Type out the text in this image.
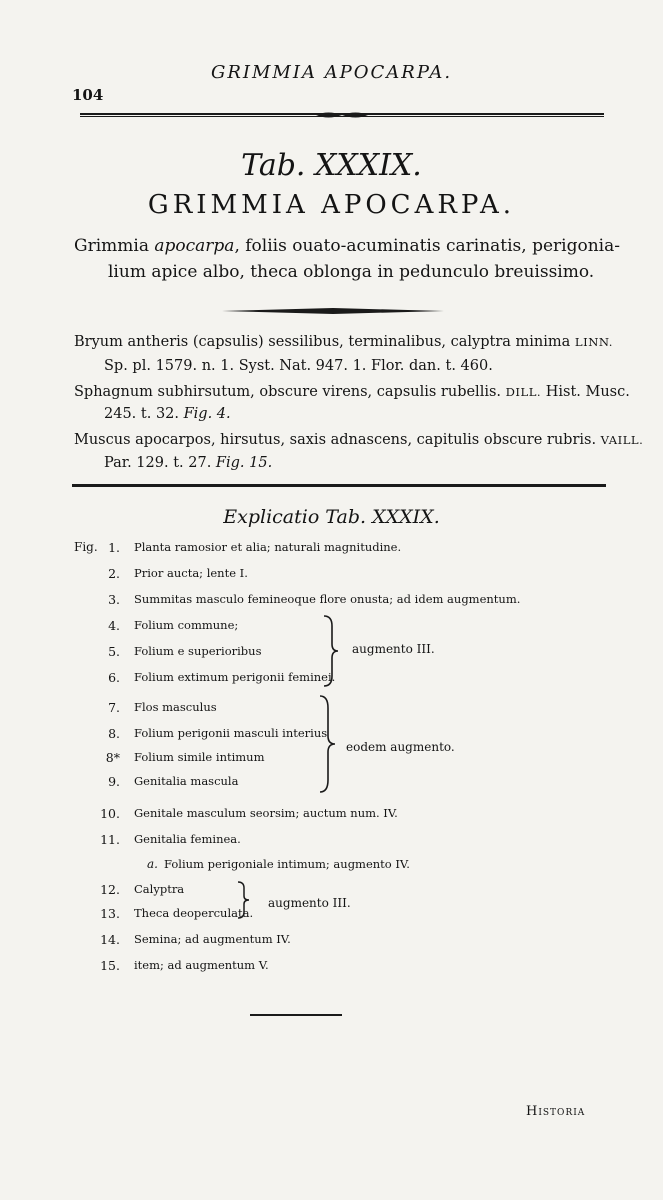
104
GRIMMIA APOCARPA.
Tab. XXXIX.
GRIMMIA APOCARPA.
Grimmia apocarpa, foliis ouato-acuminatis carinatis, perigonia-
lium apice albo, theca oblonga in pedunculo breuissimo.
Bryum antheris (capsulis) sessilibus, terminalibus, calyptra minima LINN.
Sp. pl. 1579. n. 1. Syst. Nat. 947. 1. Flor. dan. t. 460.
Sphagnum subhirsutum, obscure virens, capsulis rubellis. DILL. Hist. Musc.
245. t. 32. Fig. 4.
Muscus apocarpos, hirsutus, saxis adnascens, capitulis obscure rubris. VAILL.
Par. 129. t. 27. Fig. 15.
Explicatio Tab. XXXIX.
Fig. 1. Planta ramosior et alia; naturali magnitudine.
2. Prior aucta; lente I.
3. Summitas masculo femineoque flore onusta; ad idem augmentum.
4. Folium commune;
5. Folium e superioribus
6. Folium extimum perigonii feminei.
7. Flos masculus
8. Folium perigonii masculi interius
8* Folium simile intimum
9. Genitalia mascula
10. Genitale masculum seorsim; auctum num. IV.
11. Genitalia feminea.
a. Folium perigoniale intimum; augmento IV.
12. Calyptra
13. Theca deoperculata.
14. Semina; ad augmentum IV.
15. item; ad augmentum V.
augmento III.
eodem augmento.
augmento III.
Historia
